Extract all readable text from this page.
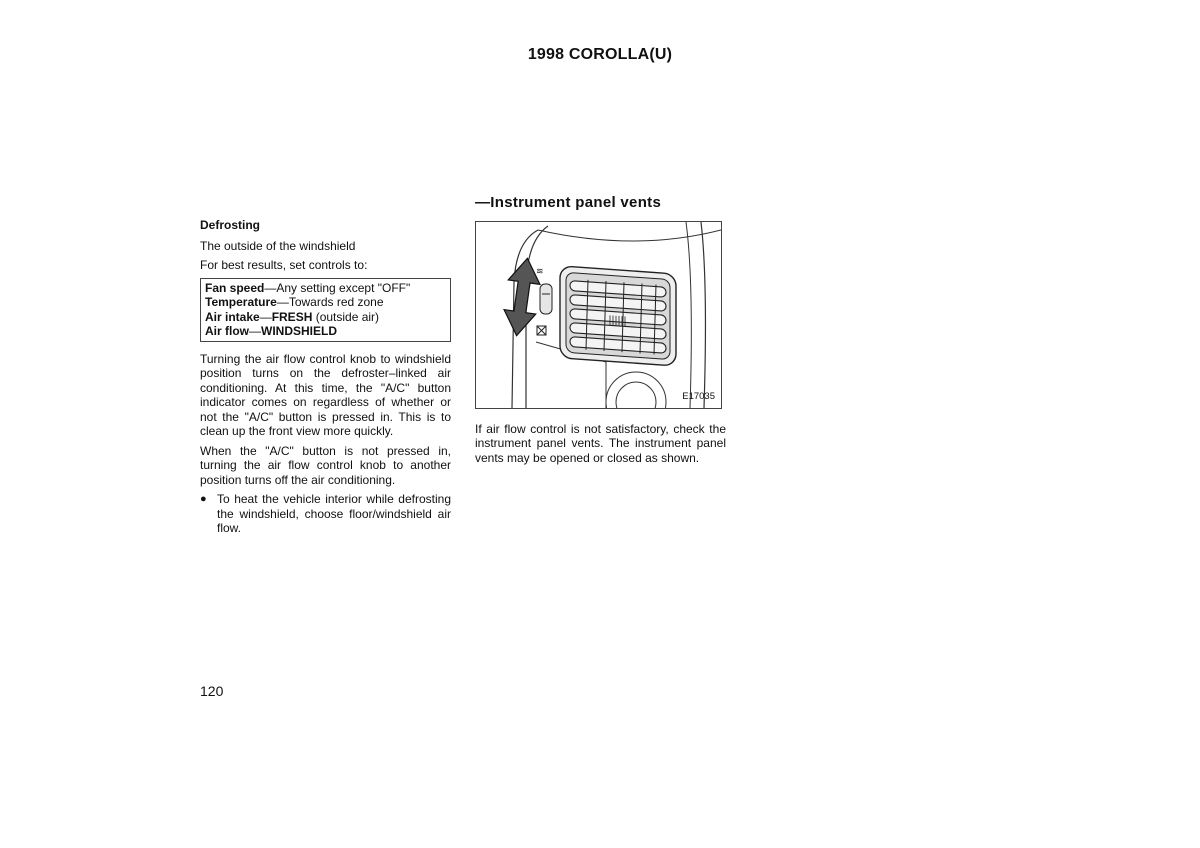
1998 COROLLA(U)
Defrosting

The outside of the windshield

For best results, set controls to:

Fan speed—Any setting except "OFF"
Temperature—Towards red zone
Air intake—FRESH (outside air)
Air flow—WINDSHIELD

Turning the air flow control knob to windshield position turns on the defroster–linked air conditioning. At this time, the "A/C" button indicator comes on regardless of whether or not the "A/C" button is pressed in. This is to clean up the front view more quickly.

When the "A/C" button is not pressed in, turning the air flow control knob to another position turns off the air conditioning.

● To heat the vehicle interior while defrosting the windshield, choose floor/windshield air flow.
—Instrument panel vents
≋
E17035

If air flow control is not satisfactory, check the instrument panel vents. The instrument panel vents may be opened or closed as shown.

120
